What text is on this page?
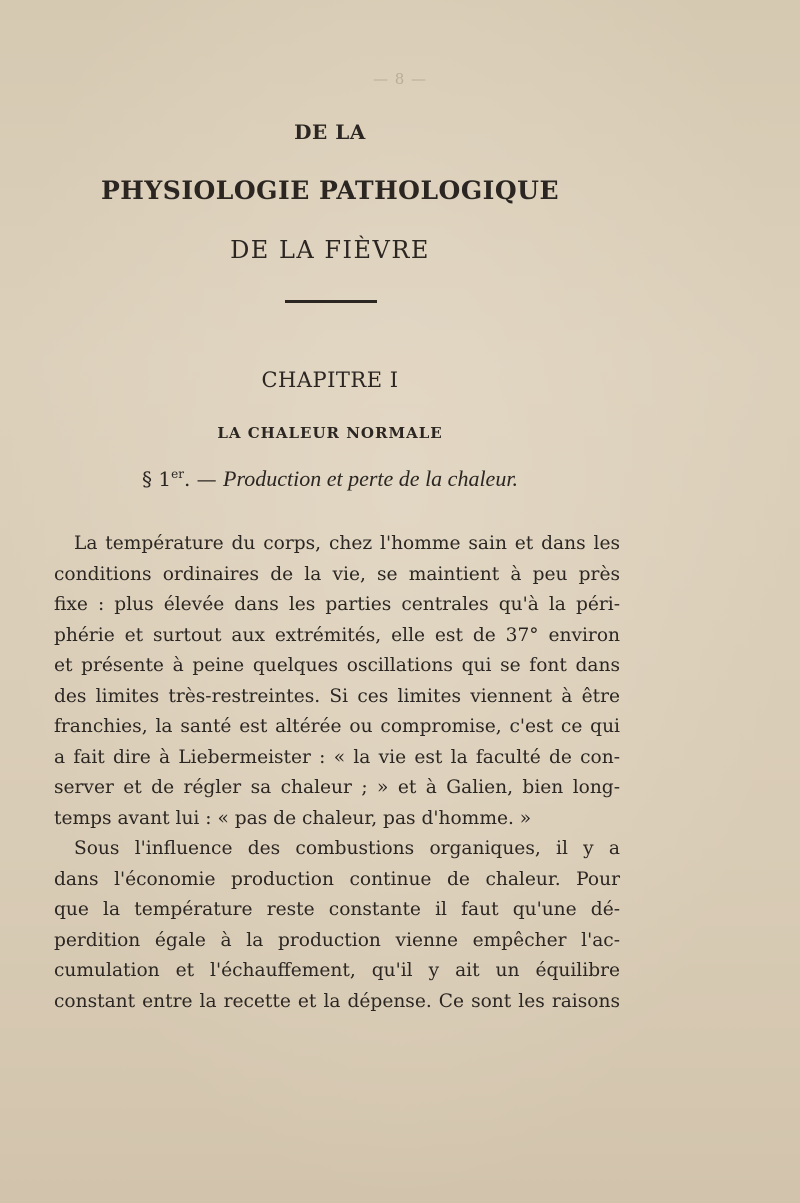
— 8 —
DE LA
PHYSIOLOGIE PATHOLOGIQUE
DE LA FIÈVRE
CHAPITRE I
LA CHALEUR NORMALE
§ 1er. — Production et perte de la chaleur.
La température du corps, chez l'homme sain et dans les
conditions ordinaires de la vie, se maintient à peu près
fixe : plus élevée dans les parties centrales qu'à la péri-
phérie et surtout aux extrémités, elle est de 37° environ
et présente à peine quelques oscillations qui se font dans
des limites très-restreintes. Si ces limites viennent à être
franchies, la santé est altérée ou compromise, c'est ce qui
a fait dire à Liebermeister : « la vie est la faculté de con-
server et de régler sa chaleur ; » et à Galien, bien long-
temps avant lui : « pas de chaleur, pas d'homme. »
Sous l'influence des combustions organiques, il y a
dans l'économie production continue de chaleur. Pour
que la température reste constante il faut qu'une dé-
perdition égale à la production vienne empêcher l'ac-
cumulation et l'échauffement, qu'il y ait un équilibre
constant entre la recette et la dépense. Ce sont les raisons
